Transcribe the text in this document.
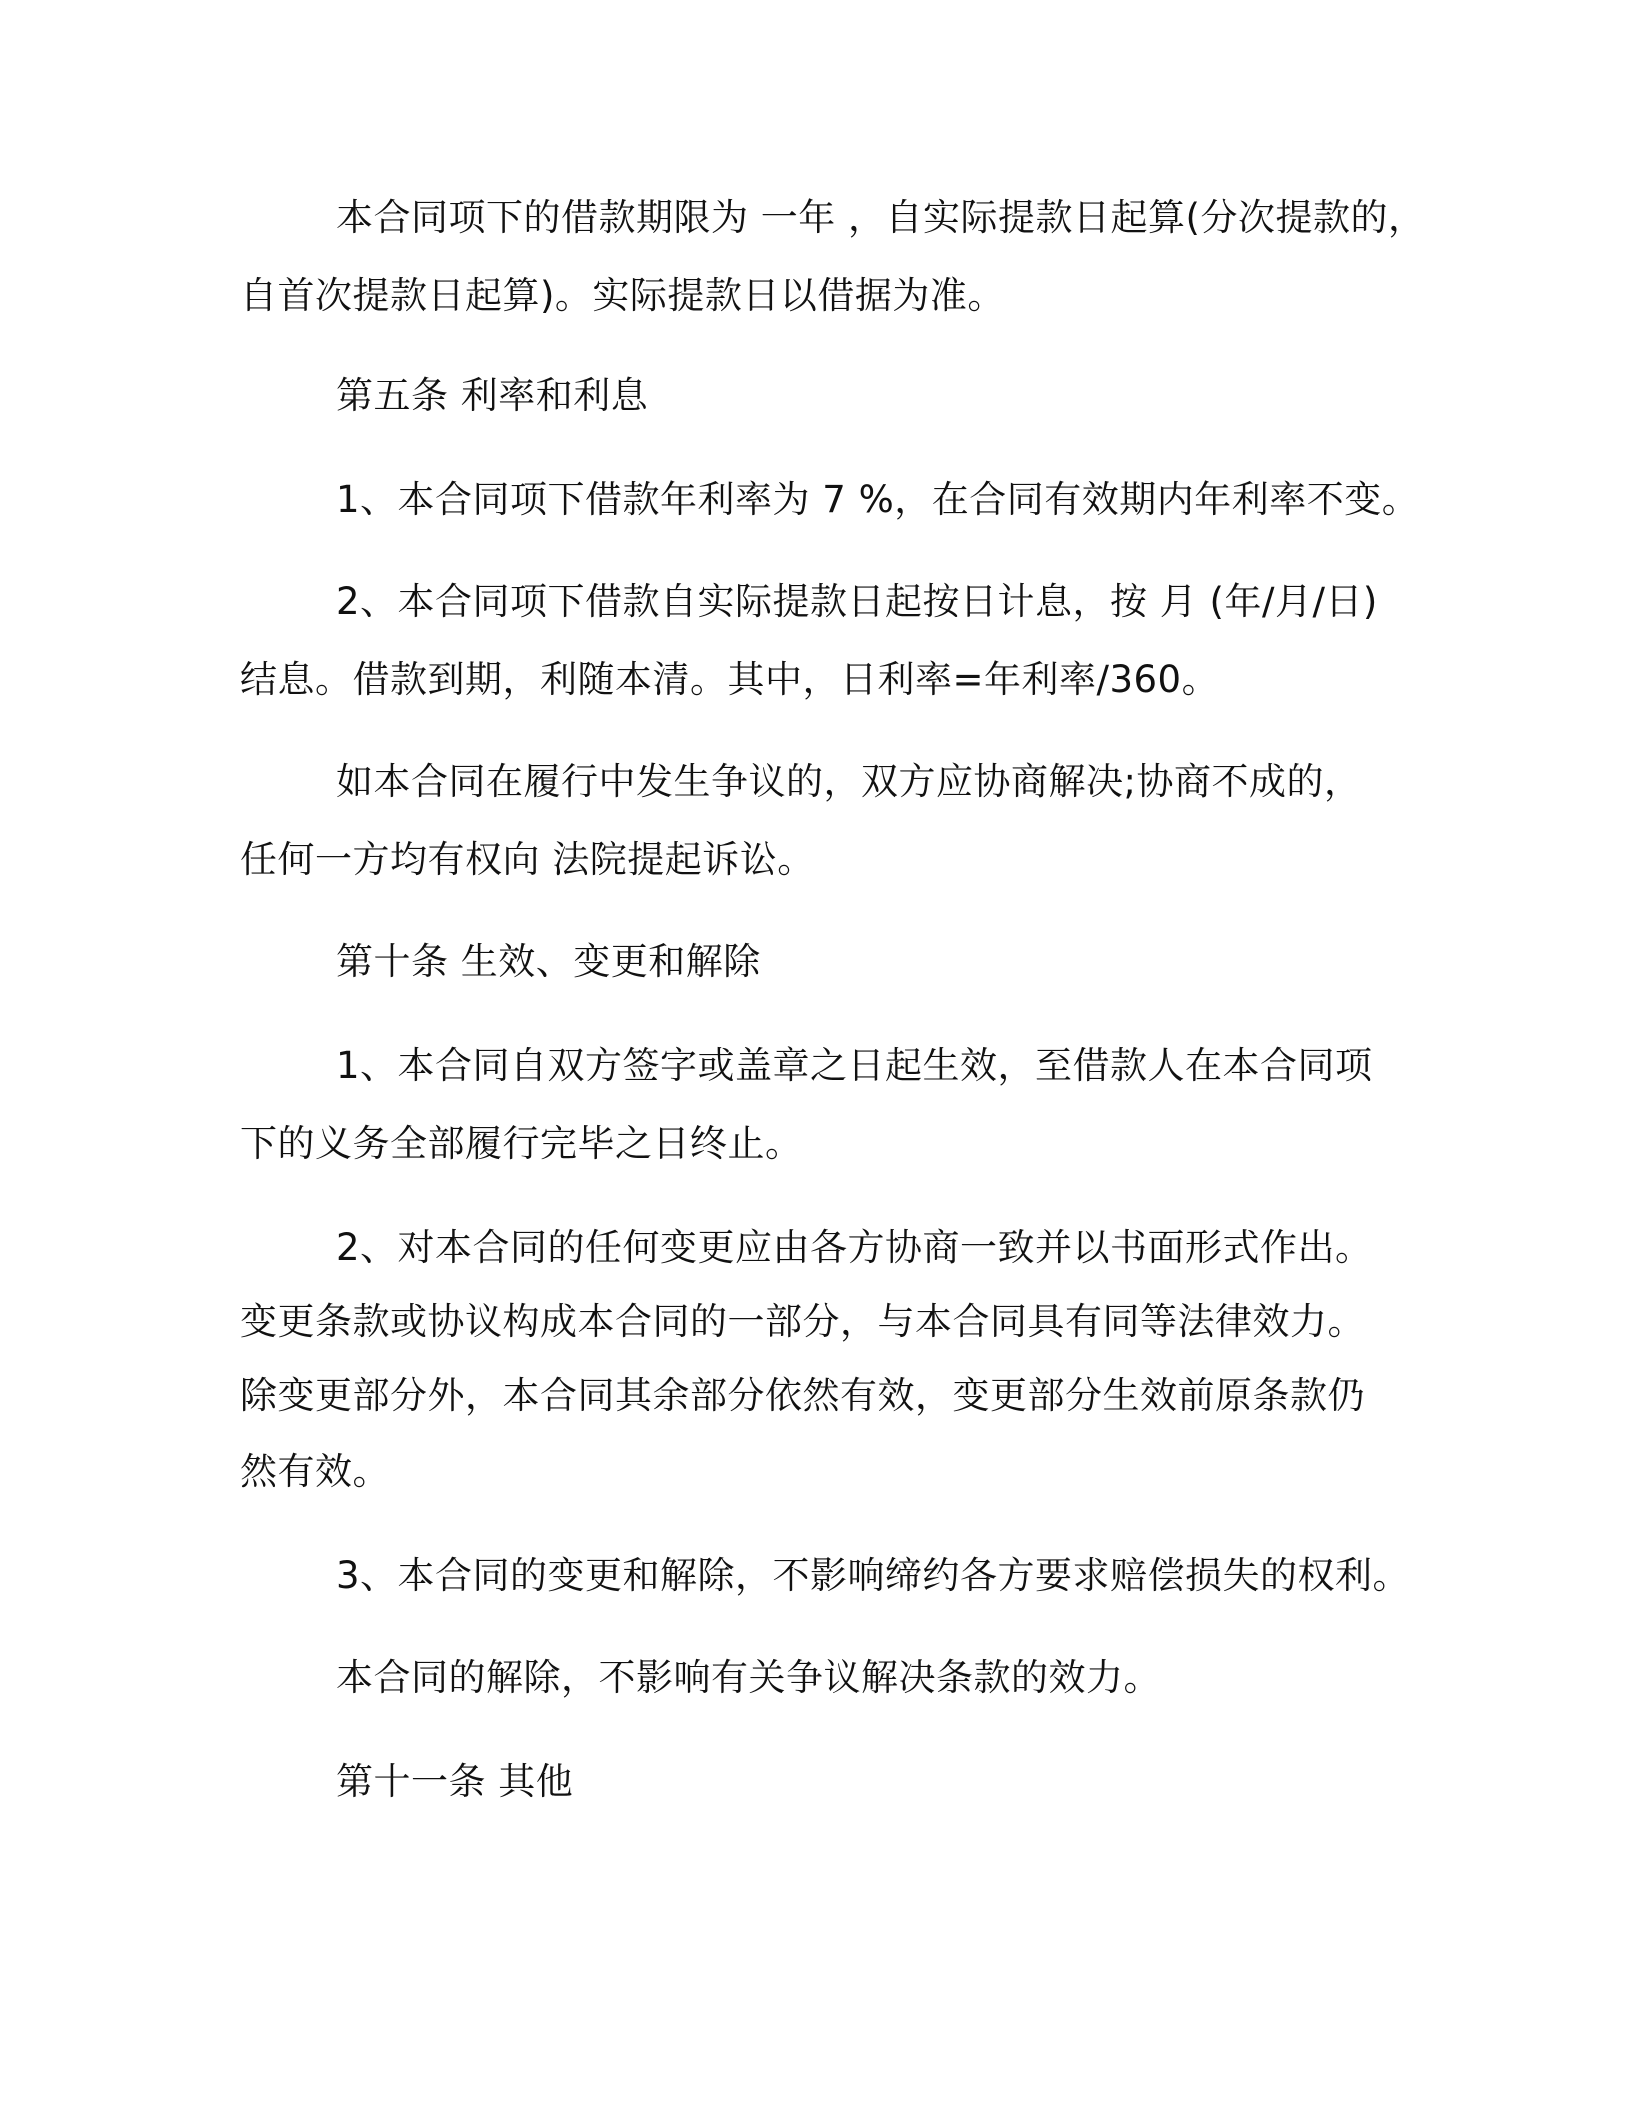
本合同项下的借款期限为 一年 ，自实际提款日起算(分次提款的，
自首次提款日起算)。实际提款日以借据为准。
第五条 利率和利息
1、本合同项下借款年利率为 7 %，在合同有效期内年利率不变。
2、本合同项下借款自实际提款日起按日计息，按 月 (年/月/日)
结息。借款到期，利随本清。其中，日利率=年利率/360。
如本合同在履行中发生争议的，双方应协商解决;协商不成的，
任何一方均有权向 法院提起诉讼。
第十条 生效、变更和解除
1、本合同自双方签字或盖章之日起生效，至借款人在本合同项
下的义务全部履行完毕之日终止。
2、对本合同的任何变更应由各方协商一致并以书面形式作出。
变更条款或协议构成本合同的一部分，与本合同具有同等法律效力。
除变更部分外，本合同其余部分依然有效，变更部分生效前原条款仍
然有效。
3、本合同的变更和解除，不影响缔约各方要求赔偿损失的权利。
本合同的解除，不影响有关争议解决条款的效力。
第十一条 其他
